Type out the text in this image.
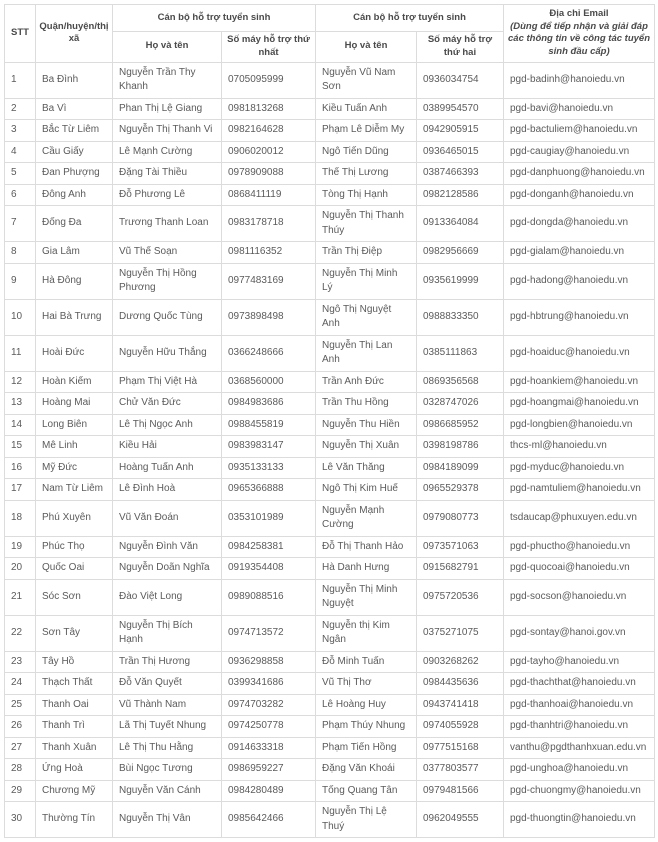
STT	Quận/huyện/thị xã	Cán bộ hỗ trợ tuyển sinh		Cán bộ hỗ trợ tuyển sinh		Địa chỉ Email
(Dùng để tiếp nhận và giải đáp các thông tin về công tác tuyển sinh đầu cấp)

		Họ và tên	Số máy hỗ trợ thứ nhất	Họ và tên	Số máy hỗ trợ thứ hai	
1	Ba Đình	Nguyễn Trần Thy Khanh	0705095999	Nguyễn Vũ Nam Sơn	0936034754	pgd-badinh@hanoiedu.vn
2	Ba Vì	Phan Thị Lệ Giang	0981813268	Kiều Tuấn Anh	0389954570	pgd-bavi@hanoiedu.vn
3	Bắc Từ Liêm	Nguyễn Thị Thanh Vi	0982164628	Phạm Lê Diễm My	0942905915	pgd-bactuliem@hanoiedu.vn
4	Cầu Giấy	Lê Mạnh Cường	0906020012	Ngô Tiến Dũng	0936465015	pgd-caugiay@hanoiedu.vn
5	Đan Phượng	Đặng Tài Thiều	0978909088	Thế Thị Lương	0387466393	pgd-danphuong@hanoiedu.vn
6	Đông Anh	Đỗ Phương Lê	0868411119	Tòng Thị Hạnh	0982128586	pgd-donganh@hanoiedu.vn
7	Đống Đa	Trương Thanh Loan	0983178718	Nguyễn Thị Thanh Thúy	0913364084	pgd-dongda@hanoiedu.vn
8	Gia Lâm	Vũ Thế Soạn	0981116352	Trần Thị Điệp	0982956669	pgd-gialam@hanoiedu.vn
9	Hà Đông	Nguyễn Thị Hồng Phương	0977483169	Nguyễn Thị Minh Lý	0935619999	pgd-hadong@hanoiedu.vn
10	Hai Bà Trưng	Dương Quốc Tùng	0973898498	Ngô Thị Nguyệt Anh	0988833350	pgd-hbtrung@hanoiedu.vn
11	Hoài Đức	Nguyễn Hữu Thắng	0366248666	Nguyễn Thị Lan Anh	0385111863	pgd-hoaiduc@hanoiedu.vn
12	Hoàn Kiếm	Phạm Thị Việt Hà	0368560000	Trần Anh Đức	0869356568	pgd-hoankiem@hanoiedu.vn
13	Hoàng Mai	Chử Văn Đức	0984983686	Trần Thu Hồng	0328747026	pgd-hoangmai@hanoiedu.vn
14	Long Biên	Lê Thị Ngọc Anh	0988455819	Nguyễn Thu Hiền	0986685952	pgd-longbien@hanoiedu.vn
15	Mê Linh	Kiều Hải	0983983147	Nguyễn Thị Xuân	0398198786	thcs-ml@hanoiedu.vn
16	Mỹ Đức	Hoàng Tuấn Anh	0935133133	Lê Văn Thăng	0984189099	pgd-myduc@hanoiedu.vn
17	Nam Từ Liêm	Lê Đình Hoà	0965366888	Ngô Thị Kim Huế	0965529378	pgd-namtuliem@hanoiedu.vn
18	Phú Xuyên	Vũ Văn Đoán	0353101989	Nguyễn Mạnh Cường	0979080773	tsdaucap@phuxuyen.edu.vn
19	Phúc Thọ	Nguyễn Đình Văn	0984258381	Đỗ Thị Thanh Hảo	0973571063	pgd-phuctho@hanoiedu.vn
20	Quốc Oai	Nguyễn Doãn Nghĩa	0919354408	Hà Danh Hưng	0915682791	pgd-quocoai@hanoiedu.vn
21	Sóc Sơn	Đào Việt Long	0989088516	Nguyễn Thị Minh Nguyệt	0975720536	pgd-socson@hanoiedu.vn
22	Sơn Tây	Nguyễn Thị Bích Hạnh	0974713572	Nguyễn thị Kim Ngân	0375271075	pgd-sontay@hanoi.gov.vn
23	Tây Hồ	Trần Thị Hương	0936298858	Đỗ Minh Tuấn	0903268262	pgd-tayho@hanoiedu.vn
24	Thạch Thất	Đỗ Văn Quyết	0399341686	Vũ Thị Thơ	0984435636	pgd-thachthat@hanoiedu.vn
25	Thanh Oai	Vũ Thành Nam	0974703282	Lê Hoàng Huy	0943741418	pgd-thanhoai@hanoiedu.vn
26	Thanh Trì	Lã Thị Tuyết Nhung	0974250778	Phạm Thúy Nhung	0974055928	pgd-thanhtri@hanoiedu.vn
27	Thanh Xuân	Lê Thị Thu Hằng	0914633318	Phạm Tiến Hồng	0977515168	vanthu@pgdthanhxuan.edu.vn
28	Ứng Hoà	Bùi Ngọc Tương	0986959227	Đặng Văn Khoái	0377803577	pgd-unghoa@hanoiedu.vn
29	Chương Mỹ	Nguyễn Văn Cánh	0984280489	Tống Quang Tân	0979481566	pgd-chuongmy@hanoiedu.vn
30	Thường Tín	Nguyễn Thị Vân	0985642466	Nguyễn Thị Lệ Thuý	0962049555	pgd-thuongtin@hanoiedu.vn
